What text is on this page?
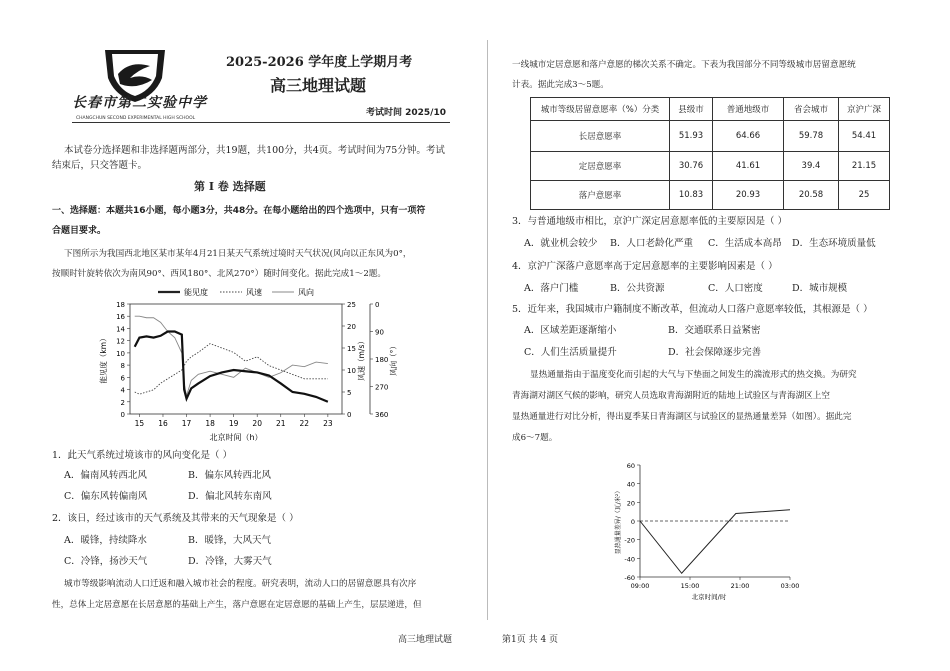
长春市第二实验中学
CHANGCHUN SECOND EXPERIMENTAL HIGH SCHOOL
2025-2026 学年度上学期月考
高三地理试题
考试时间 2025/10
本试卷分选择题和非选择题两部分，共19题，共100分，共4页。考试时间为75分钟。考试
结束后，只交答题卡。
第 Ⅰ 卷 选择题
一、选择题：本题共16小题，每小题3分，共48分。在每小题给出的四个选项中，只有一项符
合题目要求。
下图所示为我国西北地区某市某年4月21日某天气系统过境时天气状况(风向以正东风为0°，
按顺时针旋转依次为南风90°、西风180°、北风270°）随时间变化。据此完成1～2题。
能见度	风速	风向
0
2
4
6
8
10
12
14
16
18
0
5
10
15
20
25	0
90
180
270
360
15 16 17 18 19 20 21 22 23
北京时间（h）
能见度（km）	风速（m/s）	风向（°）
1．此天气系统过境该市的风向变化是（ ）
A．偏南风转西北风	B．偏东风转西北风
C．偏东风转偏南风	D．偏北风转东南风
2．该日，经过该市的天气系统及其带来的天气现象是（ ）
A．暖锋，持续降水	B．暖锋，大风天气
C．冷锋，扬沙天气	D．冷锋，大雾天气
城市等级影响流动人口迁返和融入城市社会的程度。研究表明，流动人口的居留意愿具有次序
性，总体上定居意愿在长居意愿的基础上产生，落户意愿在定居意愿的基础上产生，层层递进，但
一线城市定居意愿和落户意愿的梯次关系不确定。下表为我国部分不同等级城市居留意愿统
计表。据此完成3～5题。
城市等级居留意愿率（%）分类	县级市	普通地级市	省会城市	京沪广深
长居意愿率	51.93	64.66	59.78	54.41
定居意愿率	30.76	41.61	39.4	21.15
落户意愿率	10.83	20.93	20.58	25
3．与普通地级市相比，京沪广深定居意愿率低的主要原因是（ ）
A．就业机会较少 B．人口老龄化严重 C．生活成本高昂 D．生态环境质量低
4．京沪广深落户意愿率高于定居意愿率的主要影响因素是（ ）
A．落户门槛	B．公共资源	C．人口密度	D．城市规模
5．近年来，我国城市户籍制度不断改革，但流动人口落户意愿率较低，其根源是（ ）
A．区域差距逐渐缩小	B．交通联系日益紧密
C．人们生活质量提升	D．社会保障逐步完善
显热通量指由于温度变化而引起的大气与下垫面之间发生的湍流形式的热交换。为研究
青海湖对湖区气候的影响，研究人员选取青海湖附近的陆地上试验区与青海湖区上空
显热通量进行对比分析，得出夏季某日青海湖区与试验区的显热通量差异（如图）。据此完
成6～7题。
60
40
20
0
-20
-40
-60
09:00	15:00	21:00	03:00
北京时间/时
显热通量差异/（瓦/米²）
高三地理试题	第1页 共 4 页
